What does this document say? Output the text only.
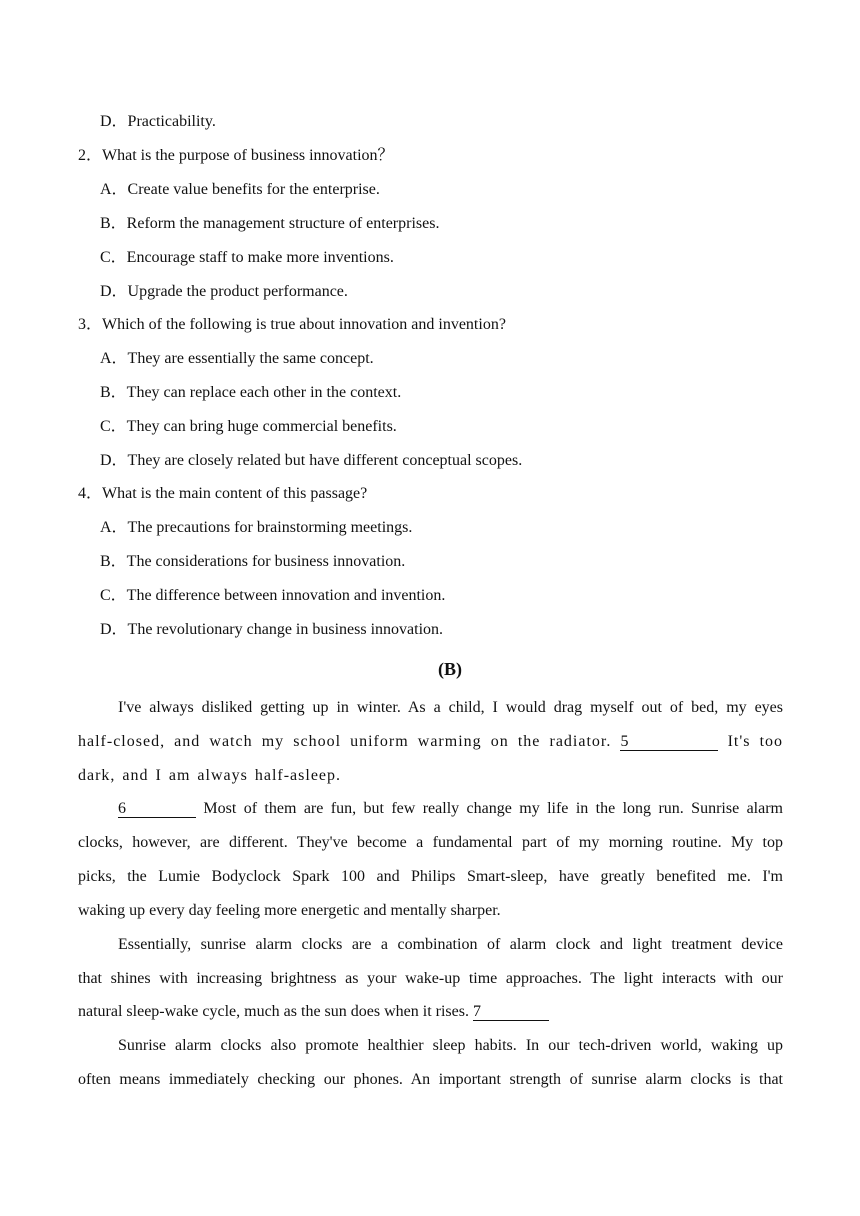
D．Practicability.
2．What is the purpose of business innovation？
A．Create value benefits for the enterprise.
B．Reform the management structure of enterprises.
C．Encourage staff to make more inventions.
D．Upgrade the product performance.
3．Which of the following is true about innovation and invention?
A．They are essentially the same concept.
B．They can replace each other in the context.
C．They can bring huge commercial benefits.
D．They are closely related but have different conceptual scopes.
4．What is the main content of this passage?
A．The precautions for brainstorming meetings.
B．The considerations for business innovation.
C．The difference between innovation and invention.
D．The revolutionary change in business innovation.
(B)
I've always disliked getting up in winter. As a child, I would drag myself out of bed, my eyes
half-closed, and watch my school uniform warming on the radiator. 5	It's too
dark, and I am always half-asleep.
6	Most of them are fun, but few really change my life in the long run. Sunrise alarm
clocks, however, are different. They've become a fundamental part of my morning routine. My top
picks, the Lumie Bodyclock Spark 100 and Philips Smart-sleep, have greatly benefited me. I'm
waking up every day feeling more energetic and mentally sharper.
Essentially, sunrise alarm clocks are a combination of alarm clock and light treatment device
that shines with increasing brightness as your wake-up time approaches. The light interacts with our
natural sleep-wake cycle, much as the sun does when it rises. 7
Sunrise alarm clocks also promote healthier sleep habits. In our tech-driven world, waking up
often means immediately checking our phones. An important strength of sunrise alarm clocks is that
